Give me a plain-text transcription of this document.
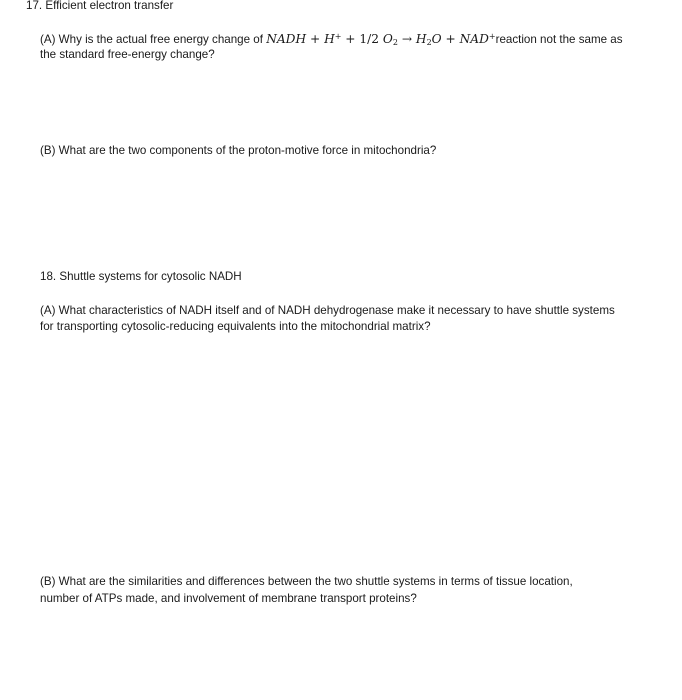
17. Efficient electron transfer
(A) Why is the actual free energy change of NADH + H+ + 1/2 $O_2 \to H_2O$ + NAD+reaction not the same as
the standard free-energy change?
(B) What are the two components of the proton-motive force in mitochondria?
18. Shuttle systems for cytosolic NADH
(A) What characteristics of NADH itself and of NADH dehydrogenase make it necessary to have shuttle systems
for transporting cytosolic-reducing equivalents into the mitochondrial matrix?
(B) What are the similarities and differences between the two shuttle systems in terms of tissue location,
number of ATPs made, and involvement of membrane transport proteins?
